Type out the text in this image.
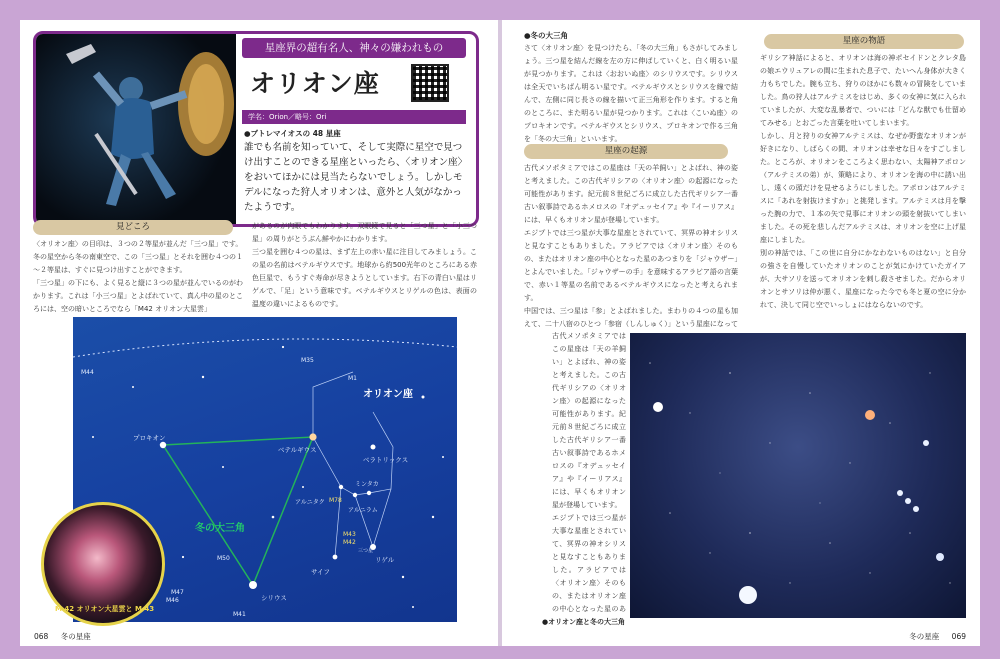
星座界の超有名人、神々の嫌われもの
オリオン座
学名：Orion／略号：Ori
●プトレマイオスの 48 星座
誰でも名前を知っていて、そして実際に星空で見つけ出すことのできる星座といったら、〈オリオン座〉をおいてほかには見当たらないでしょう。しかしモデルになった狩人オリオンは、意外と人気がなかったようです。
見どころ
〈オリオン座〉の目印は、３つの２等星が並んだ「三つ星」です。
冬の星空から冬の南東空で、この「三つ星」とそれを囲む４つの１～２等星は、すぐに見つけ出すことができます。
「三つ星」の下にも、よく見ると縦に３つの星が並んでいるのがわかります。これは「小三つ星」とよばれていて、真ん中の星のところには、空の暗いところでなら「M42 オリオン大星雲」
があるのが肉眼でもわかります。双眼鏡で見ると「三つ星」と「小三つ星」の周りがとうぶん鮮やかにわかります。
三つ星を囲む４つの星は、まず左上の赤い星に注目してみましょう。この星の名前はベテルギウスです。地球から約500光年のところにある赤色巨星で、もうすぐ寿命が尽きようとしています。右下の青白い星はリゲルで、「足」という意味です。ベテルギウスとリゲルの色は、表面の温度の違いによるものです。
オリオン座
冬の大三角
プロキオン
ベテルギウス
ベラトリックス
アルニタク
ミンタカ
アルニラム
サイフ
リゲル
シリウス
M35
M1
M44
M78
M43
M42
M50
M47
M46
M41
三つ星
M 42 オリオン大星雲と M 43
068 冬の星座
●冬の大三角
さて〈オリオン座〉を見つけたら、「冬の大三角」もさがしてみましょう。三つ星を結んだ線を左の方に伸ばしていくと、白く明るい星が見つかります。これは〈おおいぬ座〉のシリウスです。シリウスは全天でいちばん明るい星です。ベテルギウスとシリウスを線で結んで、左側に同じ長さの線を描いて正三角形を作ります。すると角のところに、また明るい星が見つかります。これは〈こいぬ座〉のプロキオンです。ベテルギウスとシリウス、プロキオンで作る三角を「冬の大三角」といいます。
星座の起源
古代メソポタミアではこの星座は「天の羊飼い」とよばれ、神の姿と考えました。この古代ギリシアの〈オリオン座〉の起源になった可能性があります。紀元前８世紀ごろに成立した古代ギリシア一番古い叙事詩であるホメロスの『オデュッセイア』や『イーリアス』には、早くもオリオン星が登場しています。
エジプトでは三つ星が大事な星座とされていて、冥界の神オシリスと見なすこともありました。アラビアでは〈オリオン座〉そのもの、またはオリオン座の中心となった星のあつまりを「ジャウザー」とよんでいました。「ジャウザーの手」を意味するアラビア語の言葉で、赤い１等星の名前であるベテルギウスになったと考えられます。
中国では、三つ星は「参」とよばれました。まわりの４つの星も加えて、二十八宿のひとつ「参宿（しんしゅく）」という星座になって

古代メソポタミアではこの星座は「天の羊飼い」とよばれ、神の姿と考えました。この古代ギリシアの〈オリオン座〉の起源になった可能性があります。紀元前８世紀ごろに成立した古代ギリシア一番古い叙事詩であるホメロスの『オデュッセイア』や『イーリアス』には、早くもオリオン星が登場しています。
エジプトでは三つ星が大事な星座とされていて、冥界の神オシリスと見なすこともありました。アラビアでは〈オリオン座〉そのもの、またはオリオン座の中心となった星のあ

星座の物語
ギリシア神話によると、オリオンは海の神ポセイドンとクレタ島の娘エウリュアレの間に生まれた息子で、たいへん身体が大きく力もちでした。腕も立ち、狩りのほかにも数々の冒険をしていました。鳥の狩人はアルテミスをはじめ、多くの女神に気に入られていましたが、大変な乱暴者で、ついには「どんな獣でも仕留めてみせる」とおごった言葉を吐いてしまいます。
しかし、月と狩りの女神アルテミスは、なぜか野蛮なオリオンが好きになり、しばらくの間、オリオンは幸せな日々をすごしました。ところが、オリオンをこころよく思わない、太陽神アポロン（アルテミスの弟）が、策略により、オリオンを海の中に誘い出し、遠くの頭だけを見せるようにしました。アポロンはアルテミスに「あれを射抜けますか」と挑発します。アルテミスは月を撃った腕の力で、１本の矢で見事にオリオンの頭を射抜いてしまいました。その死を悲しんだアルテミスは、オリオンを空に上げ星座にしました。
別の神話では、「この世に自分にかなわないものはない」と自分の強さを自慢していたオリオンのことが気にかけていたガイアが、大サソリを送ってオリオンを刺し殺させました。だからオリオンとサソリは仲が悪く、星座になった今でも冬と夏の空に分かれて、決して同じ空でいっしょにはならないのです。
●オリオン座と冬の大三角
冬の星座 069
